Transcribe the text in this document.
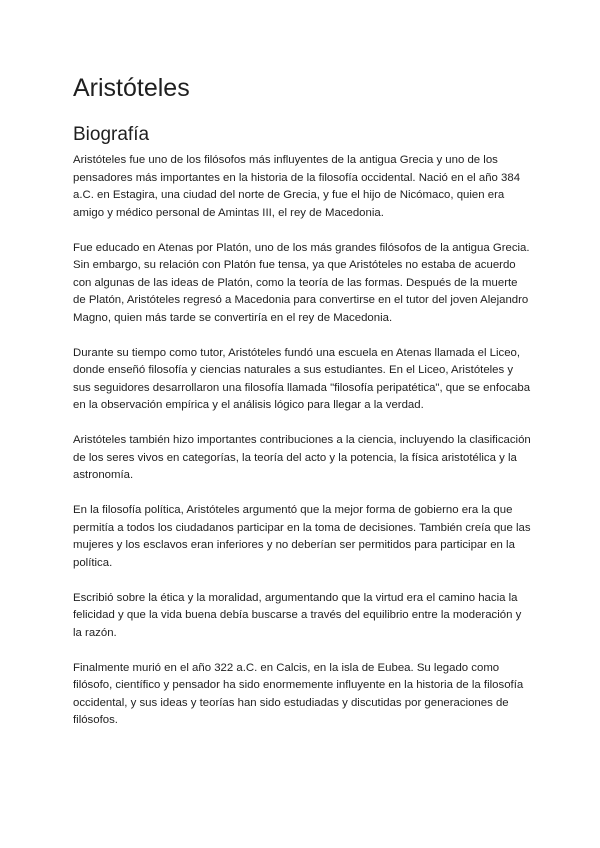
Aristóteles
Biografía

Aristóteles fue uno de los filósofos más influyentes de la antigua Grecia y uno de los pensadores más importantes en la historia de la filosofía occidental. Nació en el año 384 a.C. en Estagira, una ciudad del norte de Grecia, y fue el hijo de Nicómaco, quien era amigo y médico personal de Amintas III, el rey de Macedonia.

Fue educado en Atenas por Platón, uno de los más grandes filósofos de la antigua Grecia. Sin embargo, su relación con Platón fue tensa, ya que Aristóteles no estaba de acuerdo con algunas de las ideas de Platón, como la teoría de las formas. Después de la muerte de Platón, Aristóteles regresó a Macedonia para convertirse en el tutor del joven Alejandro Magno, quien más tarde se convertiría en el rey de Macedonia.

Durante su tiempo como tutor, Aristóteles fundó una escuela en Atenas llamada el Liceo, donde enseñó filosofía y ciencias naturales a sus estudiantes. En el Liceo, Aristóteles y sus seguidores desarrollaron una filosofía llamada "filosofía peripatética", que se enfocaba en la observación empírica y el análisis lógico para llegar a la verdad.

Aristóteles también hizo importantes contribuciones a la ciencia, incluyendo la clasificación de los seres vivos en categorías, la teoría del acto y la potencia, la física aristotélica y la astronomía.

En la filosofía política, Aristóteles argumentó que la mejor forma de gobierno era la que permitía a todos los ciudadanos participar en la toma de decisiones. También creía que las mujeres y los esclavos eran inferiores y no deberían ser permitidos para participar en la política.

Escribió sobre la ética y la moralidad, argumentando que la virtud era el camino hacia la felicidad y que la vida buena debía buscarse a través del equilibrio entre la moderación y la razón.

Finalmente murió en el año 322 a.C. en Calcis, en la isla de Eubea. Su legado como filósofo, científico y pensador ha sido enormemente influyente en la historia de la filosofía occidental, y sus ideas y teorías han sido estudiadas y discutidas por generaciones de filósofos.
